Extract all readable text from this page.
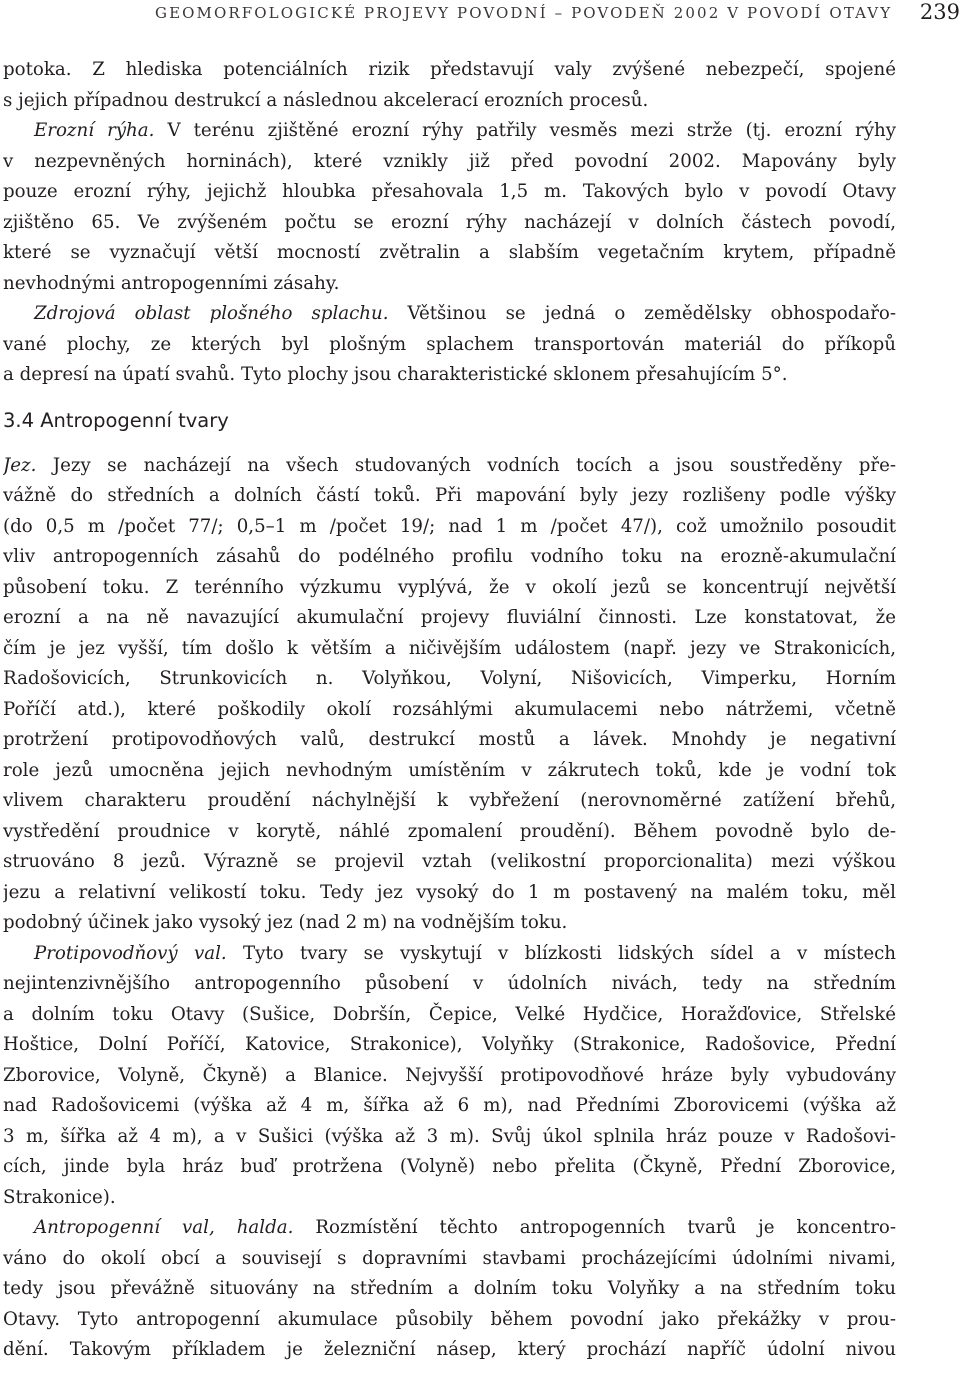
GEOMORFOLOGICKÉ PROJEVY POVODNÍ – POVODEŇ 2002 V POVODÍ OTAVY	239
potoka. Z hlediska potenciálních rizik představují valy zvýšené nebezpečí, spojené
s jejich případnou destrukcí a následnou akcelerací erozních procesů.
Erozní rýha. V terénu zjištěné erozní rýhy patřily vesměs mezi strže (tj. erozní rýhy
v nezpevněných horninách), které vznikly již před povodní 2002. Mapovány byly
pouze erozní rýhy, jejichž hloubka přesahovala 1,5 m. Takových bylo v povodí Otavy
zjištěno 65. Ve zvýšeném počtu se erozní rýhy nacházejí v dolních částech povodí,
které se vyznačují větší mocností zvětralin a slabším vegetačním krytem, případně
nevhodnými antropogenními zásahy.
Zdrojová oblast plošného splachu. Většinou se jedná o zemědělsky obhospodařo-
vané plochy, ze kterých byl plošným splachem transportován materiál do příkopů
a depresí na úpatí svahů. Tyto plochy jsou charakteristické sklonem přesahujícím 5°.
3.4 Antropogenní tvary
Jez. Jezy se nacházejí na všech studovaných vodních tocích a jsou soustředěny pře-
vážně do středních a dolních částí toků. Při mapování byly jezy rozlišeny podle výšky
(do 0,5 m /počet 77/; 0,5–1 m /počet 19/; nad 1 m /počet 47/), což umožnilo posoudit
vliv antropogenních zásahů do podélného profilu vodního toku na erozně-akumulační
působení toku. Z terénního výzkumu vyplývá, že v okolí jezů se koncentrují největší
erozní a na ně navazující akumulační projevy fluviální činnosti. Lze konstatovat, že
čím je jez vyšší, tím došlo k větším a ničivějším událostem (např. jezy ve Strakonicích,
Radošovicích, Strunkovicích n. Volyňkou, Volyní, Nišovicích, Vimperku, Horním
Poříčí atd.), které poškodily okolí rozsáhlými akumulacemi nebo nátržemi, včetně
protržení protipovodňových valů, destrukcí mostů a lávek. Mnohdy je negativní
role jezů umocněna jejich nevhodným umístěním v zákrutech toků, kde je vodní tok
vlivem charakteru proudění náchylnější k vybřežení (nerovnoměrné zatížení břehů,
vystředění proudnice v korytě, náhlé zpomalení proudění). Během povodně bylo de-
struováno 8 jezů. Výrazně se projevil vztah (velikostní proporcionalita) mezi výškou
jezu a relativní velikostí toku. Tedy jez vysoký do 1 m postavený na malém toku, měl
podobný účinek jako vysoký jez (nad 2 m) na vodnějším toku.
Protipovodňový val. Tyto tvary se vyskytují v blízkosti lidských sídel a v místech
nejintenzivnějšího antropogenního působení v údolních nivách, tedy na středním
a dolním toku Otavy (Sušice, Dobršín, Čepice, Velké Hydčice, Horažďovice, Střelské
Hoštice, Dolní Poříčí, Katovice, Strakonice), Volyňky (Strakonice, Radošovice, Přední
Zborovice, Volyně, Čkyně) a Blanice. Nejvyšší protipovodňové hráze byly vybudovány
nad Radošovicemi (výška až 4 m, šířka až 6 m), nad Předními Zborovicemi (výška až
3 m, šířka až 4 m), a v Sušici (výška až 3 m). Svůj úkol splnila hráz pouze v Radošovi-
cích, jinde byla hráz buď protržena (Volyně) nebo přelita (Čkyně, Přední Zborovice,
Strakonice).
Antropogenní val, halda. Rozmístění těchto antropogenních tvarů je koncentro-
váno do okolí obcí a souvisejí s dopravními stavbami procházejícími údolními nivami,
tedy jsou převážně situovány na středním a dolním toku Volyňky a na středním toku
Otavy. Tyto antropogenní akumulace působily během povodní jako překážky v prou-
dění. Takovým příkladem je železniční násep, který prochází napříč údolní nivou
